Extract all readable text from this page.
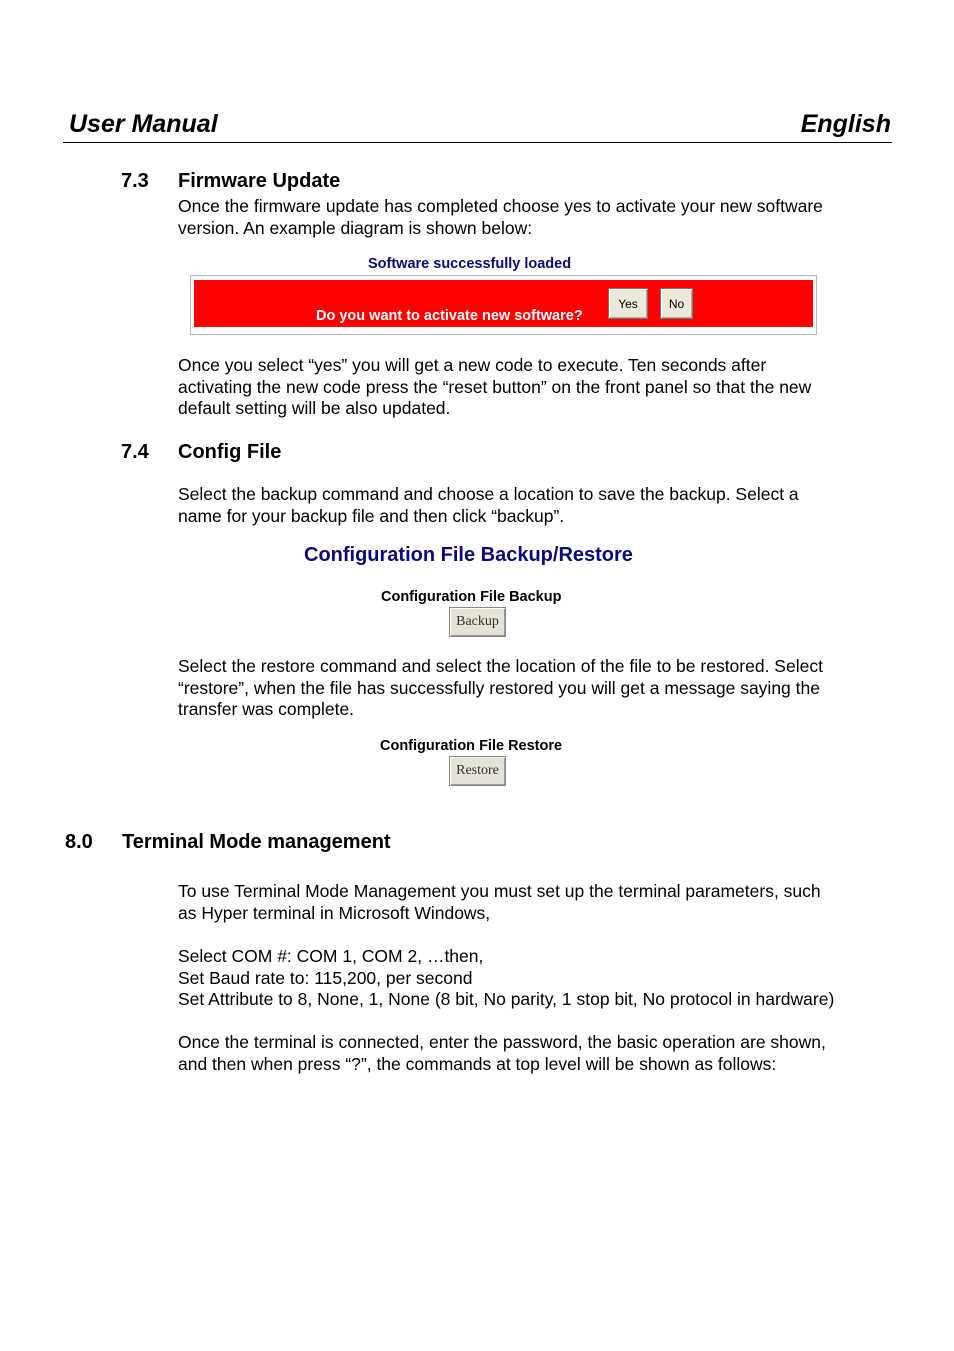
User Manual	English
7.3 Firmware Update
Once the firmware update has completed choose yes to activate your new software
version. An example diagram is shown below:
Software successfully loaded
Do you want to activate new software?
Yes	No
Once you select “yes” you will get a new code to execute. Ten seconds after
activating the new code press the “reset button” on the front panel so that the new
default setting will be also updated.
7.4 Config File
Select the backup command and choose a location to save the backup. Select a
name for your backup file and then click “backup”.
Configuration File Backup/Restore
Configuration File Backup
Backup
Select the restore command and select the location of the file to be restored. Select
“restore”, when the file has successfully restored you will get a message saying the
transfer was complete.
Configuration File Restore
Restore
8.0 Terminal Mode management
To use Terminal Mode Management you must set up the terminal parameters, such
as Hyper terminal in Microsoft Windows,
Select COM #: COM 1, COM 2, …then,
Set Baud rate to: 115,200, per second
Set Attribute to 8, None, 1, None (8 bit, No parity, 1 stop bit, No protocol in hardware)
Once the terminal is connected, enter the password, the basic operation are shown,
and then when press “?”, the commands at top level will be shown as follows:
